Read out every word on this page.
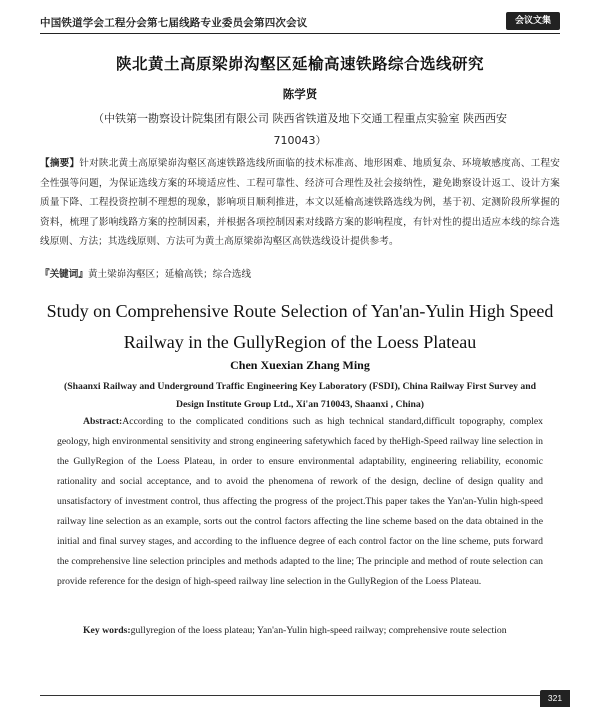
中国铁道学会工程分会第七届线路专业委员会第四次会议	会议文集
陕北黄土高原梁峁沟壑区延榆高速铁路综合选线研究
陈学贤
（中铁第一勘察设计院集团有限公司 陕西省铁道及地下交通工程重点实验室 陕西西安 710043）
【摘要】针对陕北黄土高原梁峁沟壑区高速铁路选线所面临的技术标准高、地形困难、地质复杂、环境敏感度高、工程安全性强等问题，为保证选线方案的环境适应性、工程可靠性、经济可合理性及社会接纳性，避免勘察设计返工、设计方案质量下降、工程投资控制不理想的现象，影响项目顺利推进，本文以延榆高速铁路选线为例，基于初、定测阶段所掌握的资料，梳理了影响线路方案的控制因素，并根据各项控制因素对线路方案的影响程度，有针对性的提出适应本线的综合选线原则、方法；其选线原则、方法可为黄土高原梁峁沟壑区高铁选线设计提供参考。
『关键词』黄土梁峁沟壑区；延榆高铁；综合选线
Study on Comprehensive Route Selection of Yan'an-Yulin High Speed Railway in the GullyRegion of the Loess Plateau
Chen Xuexian Zhang Ming
(Shaanxi Railway and Underground Traffic Engineering Key Laboratory (FSDI), China Railway First Survey and Design Institute Group Ltd., Xi'an 710043, Shaanxi , China)
Abstract:According to the complicated conditions such as high technical standard,difficult topography, complex geology, high environmental sensitivity and strong engineering safetywhich faced by theHigh-Speed railway line selection in the GullyRegion of the Loess Plateau, in order to ensure environmental adaptability, engineering reliability, economic rationality and social acceptance, and to avoid the phenomena of rework of the design, decline of design quality and unsatisfactory of investment control, thus affecting the progress of the project.This paper takes the Yan'an-Yulin high-speed railway line selection as an example, sorts out the control factors affecting the line scheme based on the data obtained in the initial and final survey stages, and according to the influence degree of each control factor on the line scheme, puts forward the comprehensive line selection principles and methods adapted to the line; The principle and method of route selection can provide reference for the design of high-speed railway line selection in the GullyRegion of the Loess Plateau.
Key words:gullyregion of the loess plateau; Yan'an-Yulin high-speed railway; comprehensive route selection
321
